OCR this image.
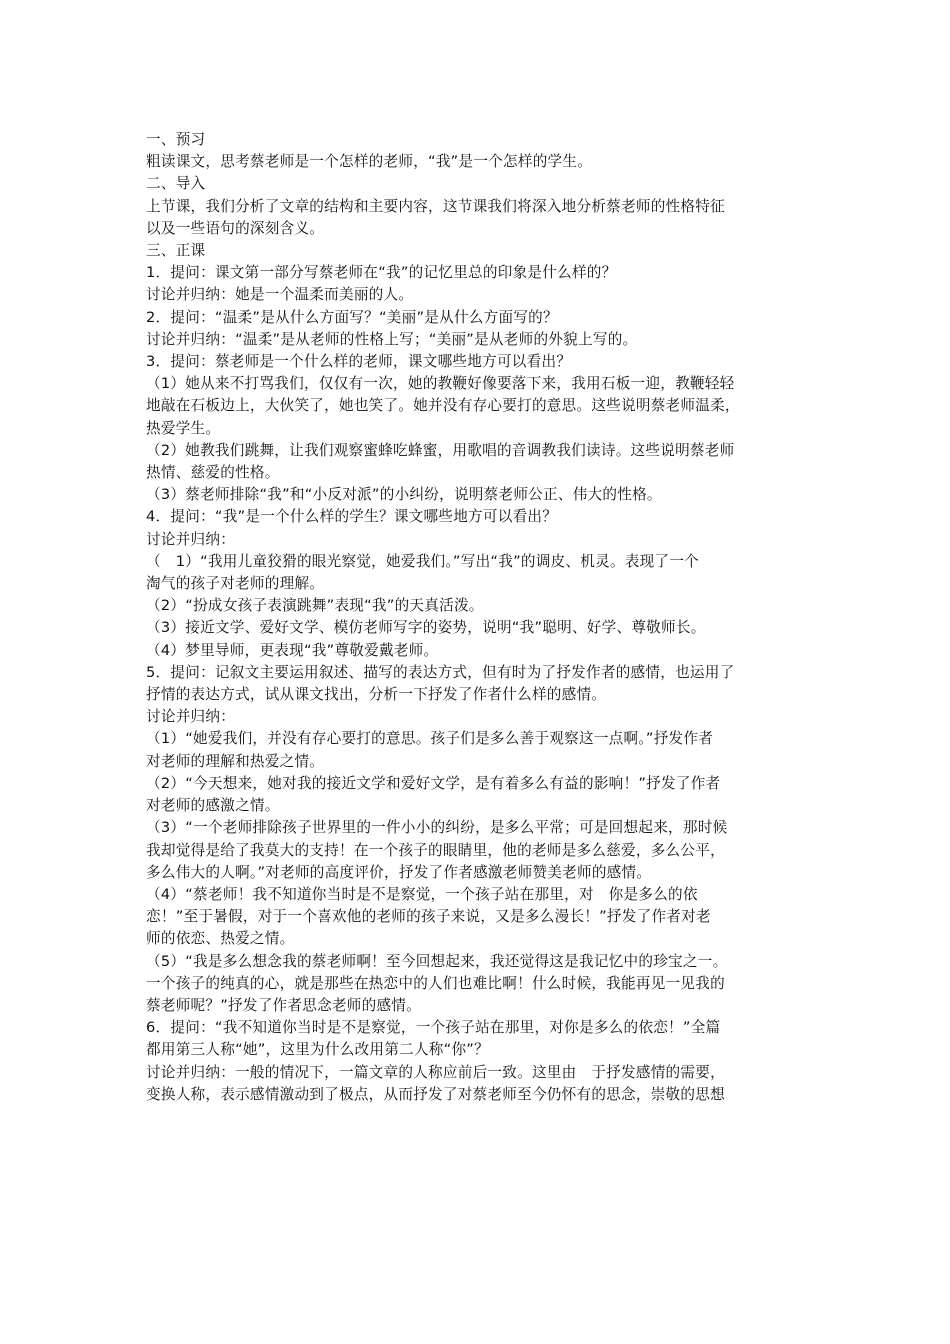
一、预习
粗读课文，思考蔡老师是一个怎样的老师，“我”是一个怎样的学生。
二、导入
上节课，我们分析了文章的结构和主要内容，这节课我们将深入地分析蔡老师的性格特征
以及一些语句的深刻含义。
三、正课
1．提问：课文第一部分写蔡老师在“我”的记忆里总的印象是什么样的？
讨论并归纳：她是一个温柔而美丽的人。
2．提问：“温柔”是从什么方面写？“美丽”是从什么方面写的？
讨论并归纳：“温柔”是从老师的性格上写；“美丽”是从老师的外貌上写的。
3．提问：蔡老师是一个什么样的老师，课文哪些地方可以看出？
（1）她从来不打骂我们，仅仅有一次，她的教鞭好像要落下来，我用石板一迎，教鞭轻轻
地敲在石板边上，大伙笑了，她也笑了。她并没有存心要打的意思。这些说明蔡老师温柔，
热爱学生。
（2）她教我们跳舞，让我们观察蜜蜂吃蜂蜜，用歌唱的音调教我们读诗。这些说明蔡老师
热情、慈爱的性格。
（3）蔡老师排除“我”和“小反对派”的小纠纷，说明蔡老师公正、伟大的性格。
4．提问：“我”是一个什么样的学生？课文哪些地方可以看出？
讨论并归纳：
（　1）“我用儿童狡猾的眼光察觉，她爱我们。”写出“我”的调皮、机灵。表现了一个
淘气的孩子对老师的理解。
（2）“扮成女孩子表演跳舞”表现“我”的天真活泼。
（3）接近文学、爱好文学、模仿老师写字的姿势，说明“我”聪明、好学、尊敬师长。
（4）梦里导师，更表现“我”尊敬爱戴老师。
5．提问：记叙文主要运用叙述、描写的表达方式，但有时为了抒发作者的感情，也运用了
抒情的表达方式，试从课文找出，分析一下抒发了作者什么样的感情。
讨论并归纳：
（1）“她爱我们，并没有存心要打的意思。孩子们是多么善于观察这一点啊。”抒发作者
对老师的理解和热爱之情。
（2）“今天想来，她对我的接近文学和爱好文学，是有着多么有益的影响！”抒发了作者
对老师的感激之情。
（3）“一个老师排除孩子世界里的一件小小的纠纷，是多么平常；可是回想起来，那时候
我却觉得是给了我莫大的支持！在一个孩子的眼睛里，他的老师是多么慈爱，多么公平，
多么伟大的人啊。”对老师的高度评价，抒发了作者感激老师赞美老师的感情。
（4）“蔡老师！我不知道你当时是不是察觉，一个孩子站在那里，对　你是多么的依
恋！”至于暑假，对于一个喜欢他的老师的孩子来说，又是多么漫长！”抒发了作者对老
师的依恋、热爱之情。
（5）“我是多么想念我的蔡老师啊！至今回想起来，我还觉得这是我记忆中的珍宝之一。
一个孩子的纯真的心，就是那些在热恋中的人们也难比啊！什么时候，我能再见一见我的
蔡老师呢？”抒发了作者思念老师的感情。
6．提问：“我不知道你当时是不是察觉，一个孩子站在那里，对你是多么的依恋！”全篇
都用第三人称“她”，这里为什么改用第二人称“你”？
讨论并归纳：一般的情况下，一篇文章的人称应前后一致。这里由　于抒发感情的需要，
变换人称，表示感情激动到了极点，从而抒发了对蔡老师至今仍怀有的思念，崇敬的思想
